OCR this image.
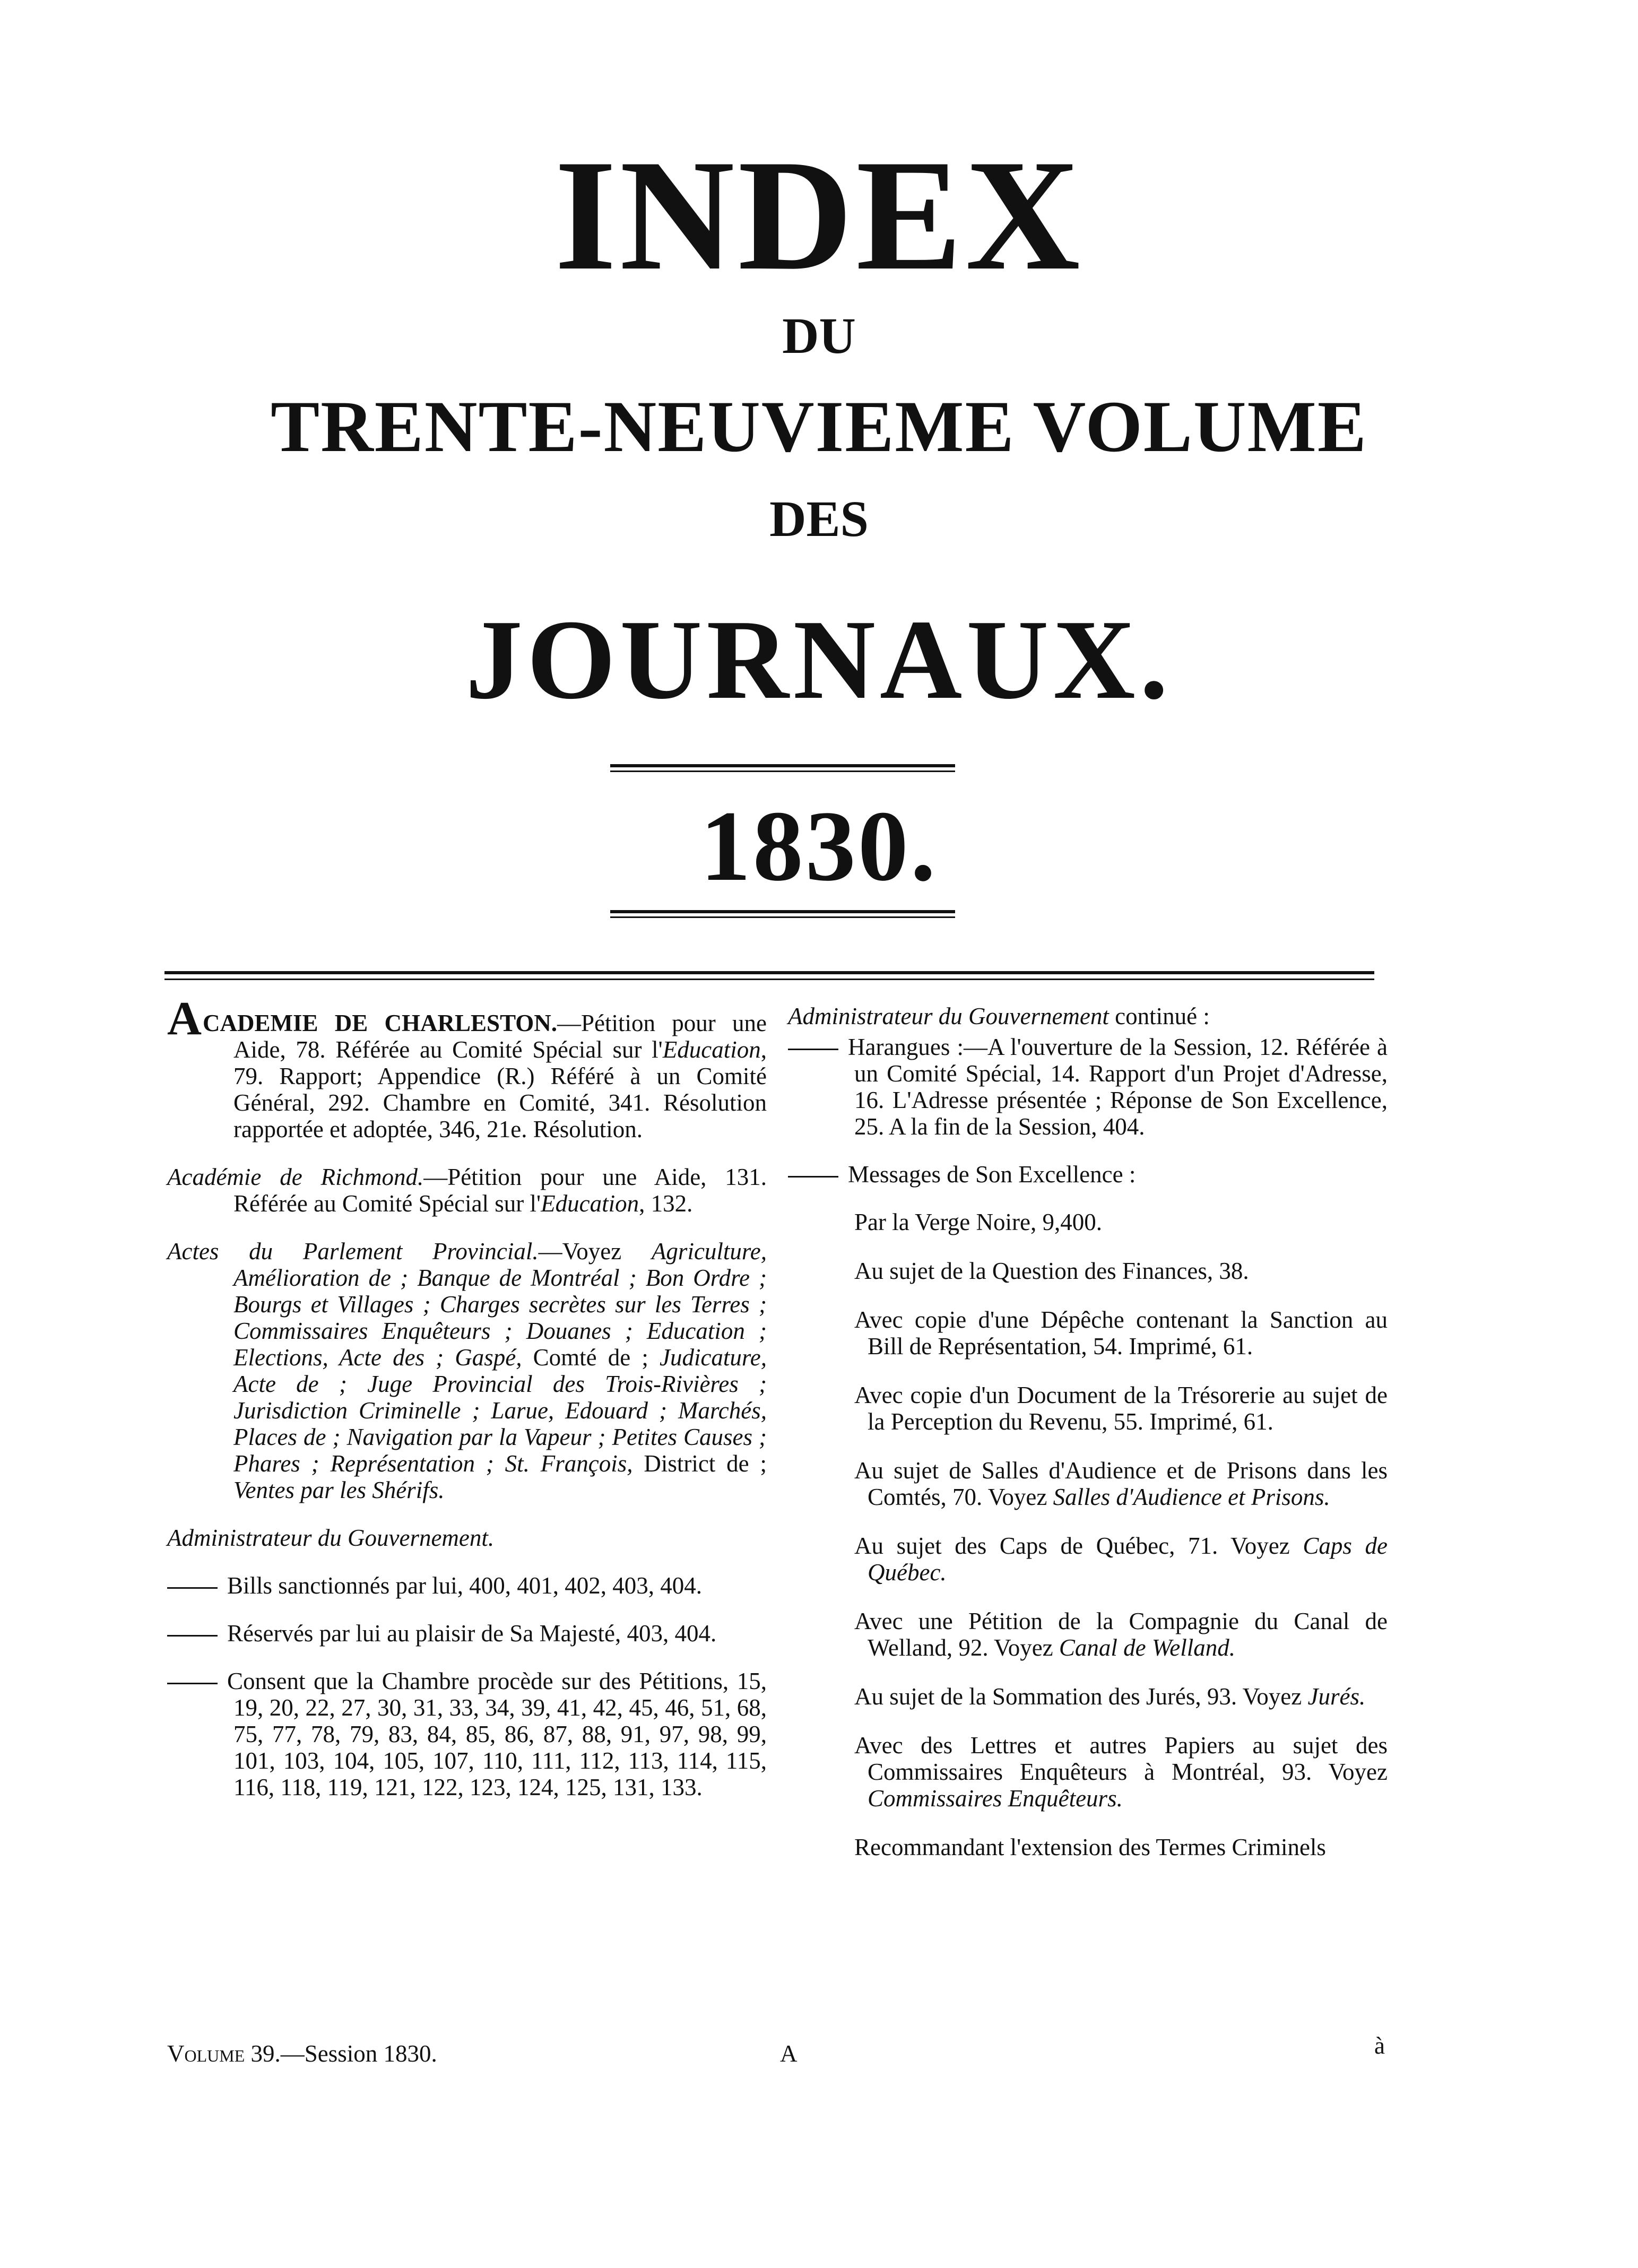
INDEX
DU
TRENTE-NEUVIEME VOLUME
DES
JOURNAUX.
1830.

ACADEMIE DE CHARLESTON.—Pétition pour une Aide, 78. Référée au Comité Spécial sur l'Education, 79. Rapport; Appendice (R.) Référé à un Comité Général, 292. Chambre en Comité, 341. Résolution rapportée et adoptée, 346, 21e. Résolution.

Académie de Richmond.—Pétition pour une Aide, 131. Référée au Comité Spécial sur l'Education, 132.

Actes du Parlement Provincial.—Voyez Agriculture, Amélioration de ; Banque de Montréal ; Bon Ordre ; Bourgs et Villages ; Charges secrètes sur les Terres ; Commissaires Enquêteurs ; Douanes ; Education ; Elections, Acte des ; Gaspé, Comté de ; Judicature, Acte de ; Juge Provincial des Trois-Rivières ; Jurisdiction Criminelle ; Larue, Edouard ; Marchés, Places de ; Navigation par la Vapeur ; Petites Causes ; Phares ; Représentation ; St. François, District de ; Ventes par les Shérifs.

Administrateur du Gouvernement.

Bills sanctionnés par lui, 400, 401, 402, 403, 404.

Réservés par lui au plaisir de Sa Majesté, 403, 404.

Consent que la Chambre procède sur des Pétitions, 15, 19, 20, 22, 27, 30, 31, 33, 34, 39, 41, 42, 45, 46, 51, 68, 75, 77, 78, 79, 83, 84, 85, 86, 87, 88, 91, 97, 98, 99, 101, 103, 104, 105, 107, 110, 111, 112, 113, 114, 115, 116, 118, 119, 121, 122, 123, 124, 125, 131, 133.

Administrateur du Gouvernement continué :

Harangues :—A l'ouverture de la Session, 12. Référée à un Comité Spécial, 14. Rapport d'un Projet d'Adresse, 16. L'Adresse présentée ; Réponse de Son Excellence, 25. A la fin de la Session, 404.

Messages de Son Excellence :

Par la Verge Noire, 9,400.

Au sujet de la Question des Finances, 38.

Avec copie d'une Dépêche contenant la Sanction au Bill de Représentation, 54. Imprimé, 61.

Avec copie d'un Document de la Trésorerie au sujet de la Perception du Revenu, 55. Imprimé, 61.

Au sujet de Salles d'Audience et de Prisons dans les Comtés, 70. Voyez Salles d'Audience et Prisons.

Au sujet des Caps de Québec, 71. Voyez Caps de Québec.

Avec une Pétition de la Compagnie du Canal de Welland, 92. Voyez Canal de Welland.

Au sujet de la Sommation des Jurés, 93. Voyez Jurés.

Avec des Lettres et autres Papiers au sujet des Commissaires Enquêteurs à Montréal, 93. Voyez Commissaires Enquêteurs.

Recommandant l'extension des Termes Criminels

à
Volume 39.—Session 1830.	A
